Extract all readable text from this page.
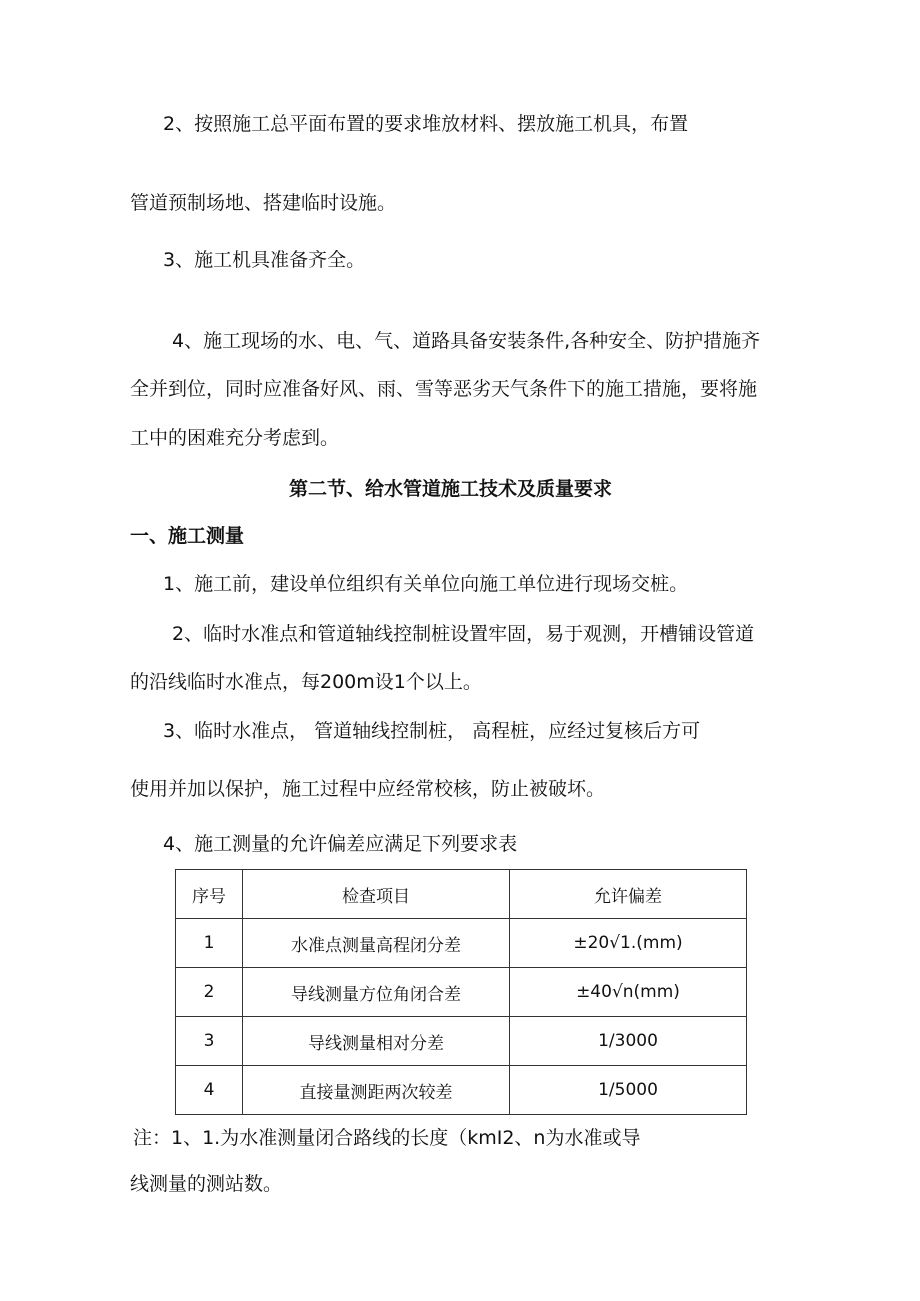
2、按照施工总平面布置的要求堆放材料、摆放施工机具，布置

管道预制场地、搭建临时设施。

3、施工机具准备齐全。

4、施工现场的水、电、气、道路具备安装条件,各种安全、防护措施齐

全并到位，同时应准备好风、雨、雪等恶劣天气条件下的施工措施，要将施

工中的困难充分考虑到。

第二节、给水管道施工技术及质量要求

一、施工测量

1、施工前，建设单位组织有关单位向施工单位进行现场交桩。

2、临时水准点和管道轴线控制桩设置牢固，易于观测，开槽铺设管道

的沿线临时水准点，每200m设1个以上。

3、临时水准点， 管道轴线控制桩， 高程桩，应经过复核后方可

使用并加以保护，施工过程中应经常校核，防止被破坏。

4、施工测量的允许偏差应满足下列要求表

序号	检查项目	允许偏差
1	水准点测量高程闭分差	±20√1.(mm)
2	导线测量方位角闭合差	±40√n(mm)
3	导线测量相对分差	1/3000
4	直接量测距两次较差	1/5000

注：1、1.为水准测量闭合路线的长度（kmI2、n为水准或导

线测量的测站数。
